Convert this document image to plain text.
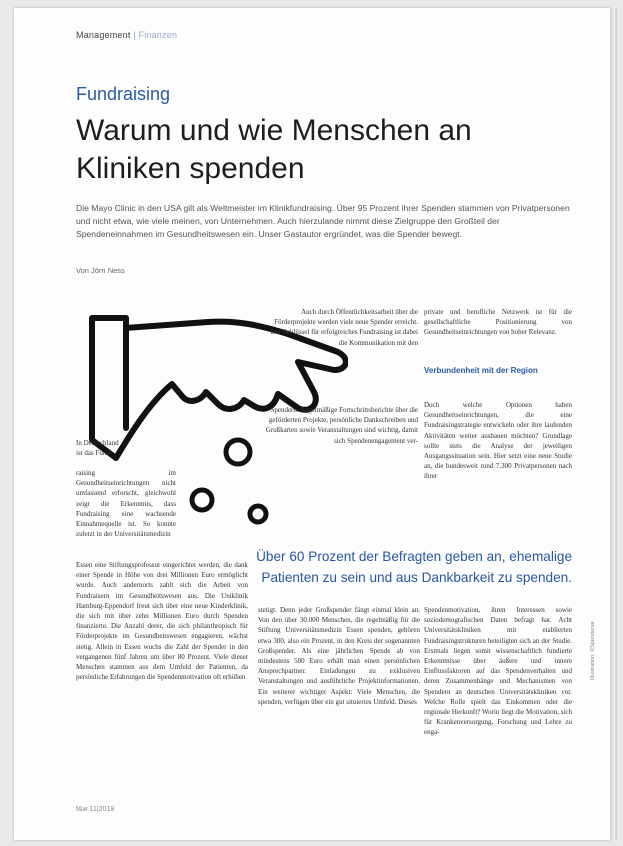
Management | Finanzen
Fundraising
Warum und wie Menschen an Kliniken spenden
Die Mayo Clinic in den USA gilt als Weltmeister im Klinikfundraising. Über 95 Prozent ihrer Spenden stammen von Privatpersonen und nicht etwa, wie viele meinen, von Unternehmen. Auch hierzulande nimmt diese Zielgruppe den Großteil der Spendeneinnahmen im Gesundheitswesen ein. Unser Gastautor ergründet, was die Spender bewegt.
Von Jörn Ness
In Deutschland ist das Fund-
raising im Gesundheitseinrichtungen nicht umfassend erforscht, gleichwohl zeigt die Erkenntnis, dass Fundraising eine wachsende Einnahmequelle ist. So konnte zuletzt in der Universitätsmedizin
Essen eine Stiftungsprofessur eingerichtet werden, die dank einer Spende in Höhe von drei Millionen Euro ermöglicht wurde. Auch andernorts zahlt sich die Arbeit von Fundraisern im Gesundheitswesen aus. Die Uniklinik Hamburg-Eppendorf freut sich über eine neue Kinderklinik, die sich mit über zehn Millionen Euro durch Spenden finanzierte. Die Anzahl derer, die sich philanthropisch für Förderprojekte im Gesundheitswesen engagieren, wächst stetig. Allein in Essen wuchs die Zahl der Spender in den vergangenen fünf Jahren um über 80 Prozent. Viele dieser Menschen stammen aus dem Umfeld der Patienten, da persönliche Erfahrungen die Spendenmotivation oft erhöhen
Auch durch Öffentlichkeitsarbeit über die Förderprojekte werden viele neue Spender erreicht. Der Schlüssel für erfolgreiches Fundraising ist dabei die Kommunikation mit den
Spendern. Regelmäßige Fortschrittsberichte über die geförderten Projekte, persönliche Dankschreiben und Grußkarten sowie Veranstaltungen sind wichtig, damit sich Spendenengagement ver-
stetigt. Denn jeder Großspender fängt einmal klein an. Von den über 30.000 Menschen, die regelmäßig für die Stiftung Universitätsmedizin Essen spenden, gehören etwa 300, also ein Prozent, in den Kreis der sogenannten Großspender. Als eine jährlichen Spende ab von mindestens 500 Euro erhält man einen persönlichen Ansprechpartner. Einladungen zu exklusiven Veranstaltungen und ausführliche Projektinformationen. Ein weiterer wichtiger Aspekt: Viele Menschen, die spenden, verfügen über ein gut situiertes Umfeld. Dieses
private und berufliche Netzwerk ist für die gesellschaftliche Positionierung von Gesundheitseinrichtungen von hoher Relevanz.
Verbundenheit mit der Region
Doch welche Optionen haben Gesundheitseinrichtungen, die eine Fundraisingstrategie entwickeln oder ihre laufenden Aktivitäten weiter ausbauen möchten? Grundlage sollte stets die Analyse der jeweiligen Ausgangssituation sein. Hier setzt eine neue Studie an, die bundesweit rund 7.300 Privatpersonen nach ihrer
Spendenmotivation, ihren Interessen sowie soziodemografischen Daten befragt hat. Acht Universitätskliniken mit etablierten Fundraisingstrukturen beteiligten sich an der Studie. Erstmals liegen somit wissenschaftlich fundierte Erkenntnisse über äußere und innere Einflussfaktoren auf das Spendenverhalten und deren Zusammenhänge und Mechanismen von Spendern an deutschen Universitätskliniken vor. Welche Rolle spielt das Einkommen oder die regionale Herkunft? Worin liegt die Motivation, sich für Krankenversorgung, Forschung und Lehre zu enga-
Über 60 Prozent der Befragten geben an, ehemalige Patienten zu sein und aus Dankbarkeit zu spenden.
f&w 11|2019
Illustration: ©Spendenia
